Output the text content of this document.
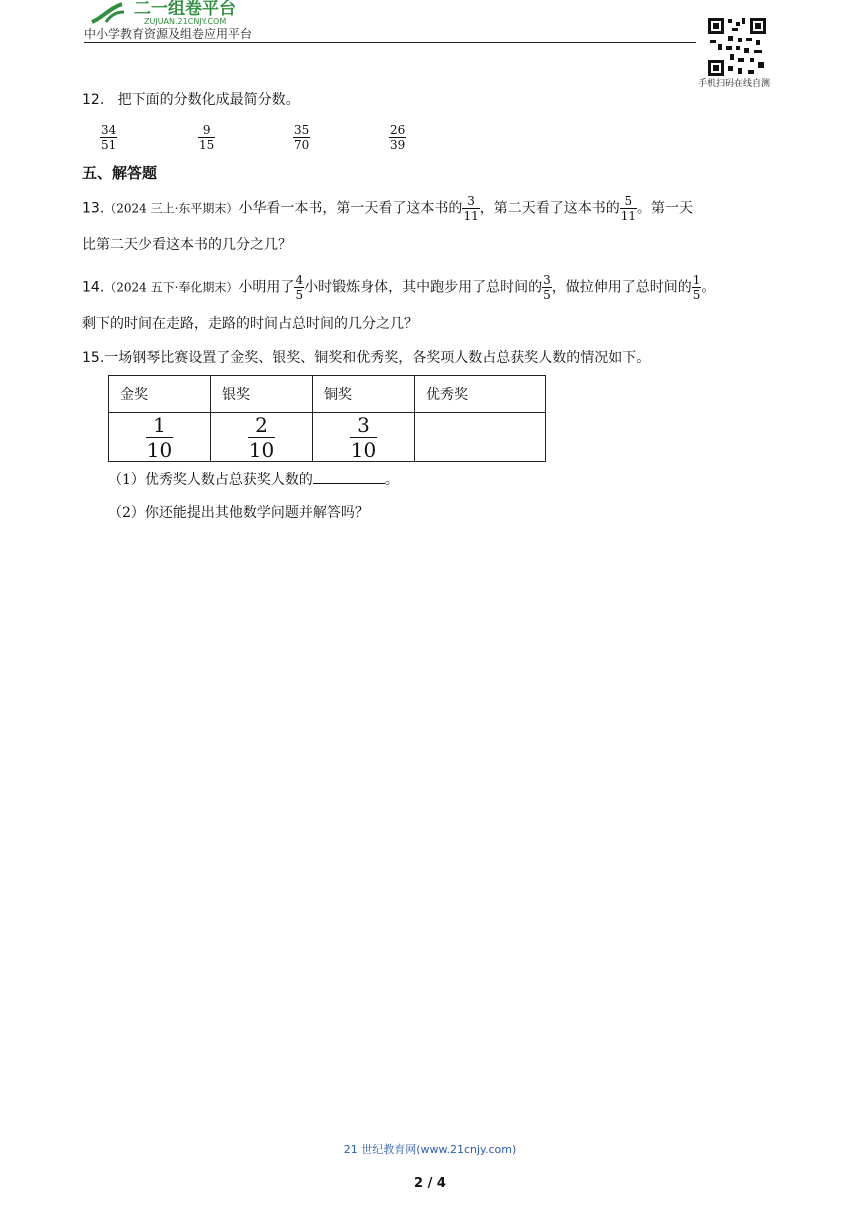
二一组卷平台
ZUJUAN.21CNJY.COM
中小学教育资源及组卷应用平台
手机扫码在线自测
12. 把下面的分数化成最简分数。
$\frac{34}{51}$	$\frac{9}{15}$	$\frac{35}{70}$	$\frac{26}{39}$
五、解答题
13.（2024 三上·东平期末）小华看一本书，第一天看了这本书的 $\frac{3}{11}$ ，第二天看了这本书的 $\frac{5}{11}$ 。第一天
比第二天少看这本书的几分之几？
14.（2024 五下·奉化期末）小明用了 $\frac{4}{5}$ 小时锻炼身体，其中跑步用了总时间的 $\frac{3}{5}$ ，做拉伸用了总时间的 $\frac{1}{5}$ 。
剩下的时间在走路，走路的时间占总时间的几分之几？
15.一场钢琴比赛设置了金奖、银奖、铜奖和优秀奖，各奖项人数占总获奖人数的情况如下。
金奖	银奖	铜奖	优秀奖

$\frac{1}{10}$	$\frac{2}{10}$	$\frac{3}{10}$

（1）优秀奖人数占总获奖人数的	。
（2）你还能提出其他数学问题并解答吗？
21 世纪教育网(www.21cnjy.com)
2 / 4
